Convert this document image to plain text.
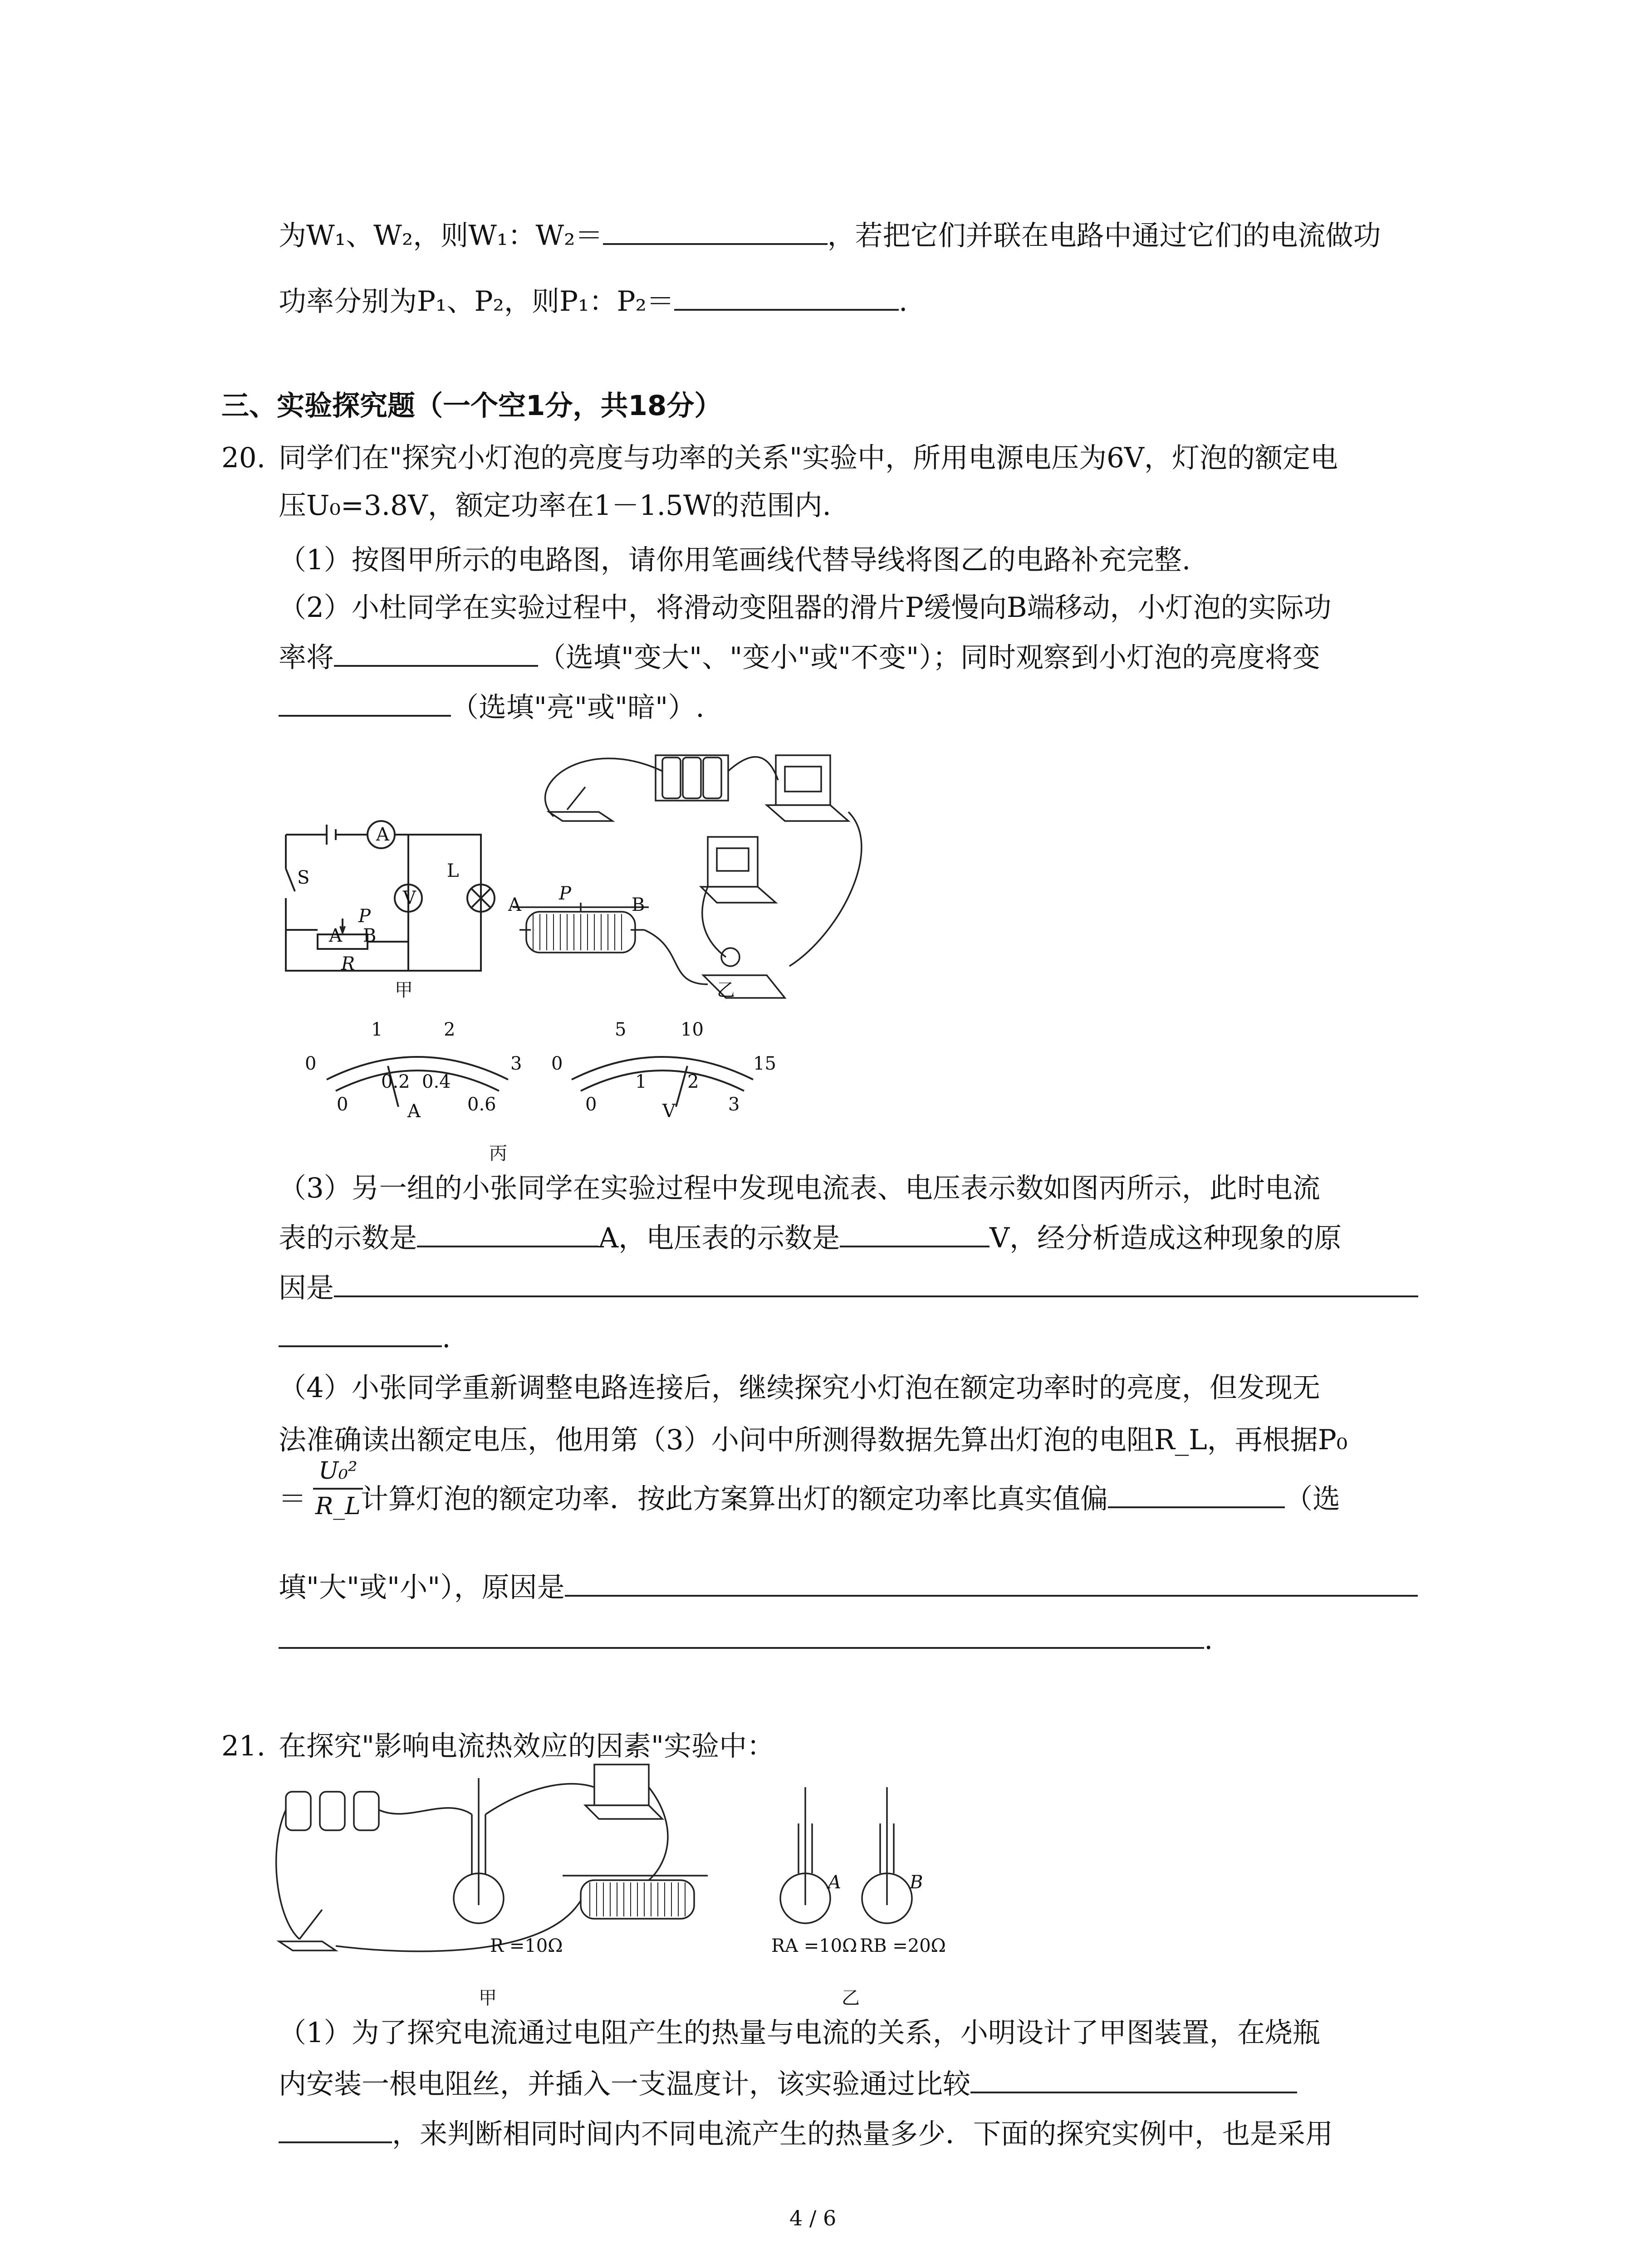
为W₁、W₂，则W₁：W₂＝	，若把它们并联在电路中通过它们的电流做功
功率分别为P₁、P₂，则P₁：P₂＝	.
三、实验探究题（一个空1分，共18分）
20. 同学们在"探究小灯泡的亮度与功率的关系"实验中，所用电源电压为6V，灯泡的额定电
压U₀=3.8V，额定功率在1－1.5W的范围内.
（1）按图甲所示的电路图，请你用笔画线代替导线将图乙的电路补充完整.
（2）小杜同学在实验过程中，将滑动变阻器的滑片P缓慢向B端移动，小灯泡的实际功
率将	（选填"变大"、"变小"或"不变"）；同时观察到小灯泡的亮度将变
（选填"亮"或"暗"）.
A
V
S	L
P
A B
R
甲
A
P
B
乙
0
1	2
3
0
0.2 0.4
0.6
A
0
5	10
15
0
1 2
3
V
丙
（3）另一组的小张同学在实验过程中发现电流表、电压表示数如图丙所示，此时电流
表的示数是	A，电压表的示数是	V，经分析造成这种现象的原
因是
.
（4）小张同学重新调整电路连接后，继续探究小灯泡在额定功率时的亮度，但发现无
法准确读出额定电压，他用第（3）小问中所测得数据先算出灯泡的电阻R_L，再根据P₀
＝ 计算灯泡的额定功率．按此方案算出灯的额定功率比真实值偏	（选
U₀²
R_L
填"大"或"小"），原因是
.
21. 在探究"影响电流热效应的因素"实验中：
R =10Ω
甲
A	B
RA =10Ω RB =20Ω
乙
（1）为了探究电流通过电阻产生的热量与电流的关系，小明设计了甲图装置，在烧瓶
内安装一根电阻丝，并插入一支温度计，该实验通过比较
，来判断相同时间内不同电流产生的热量多少．下面的探究实例中，也是采用
4 / 6
